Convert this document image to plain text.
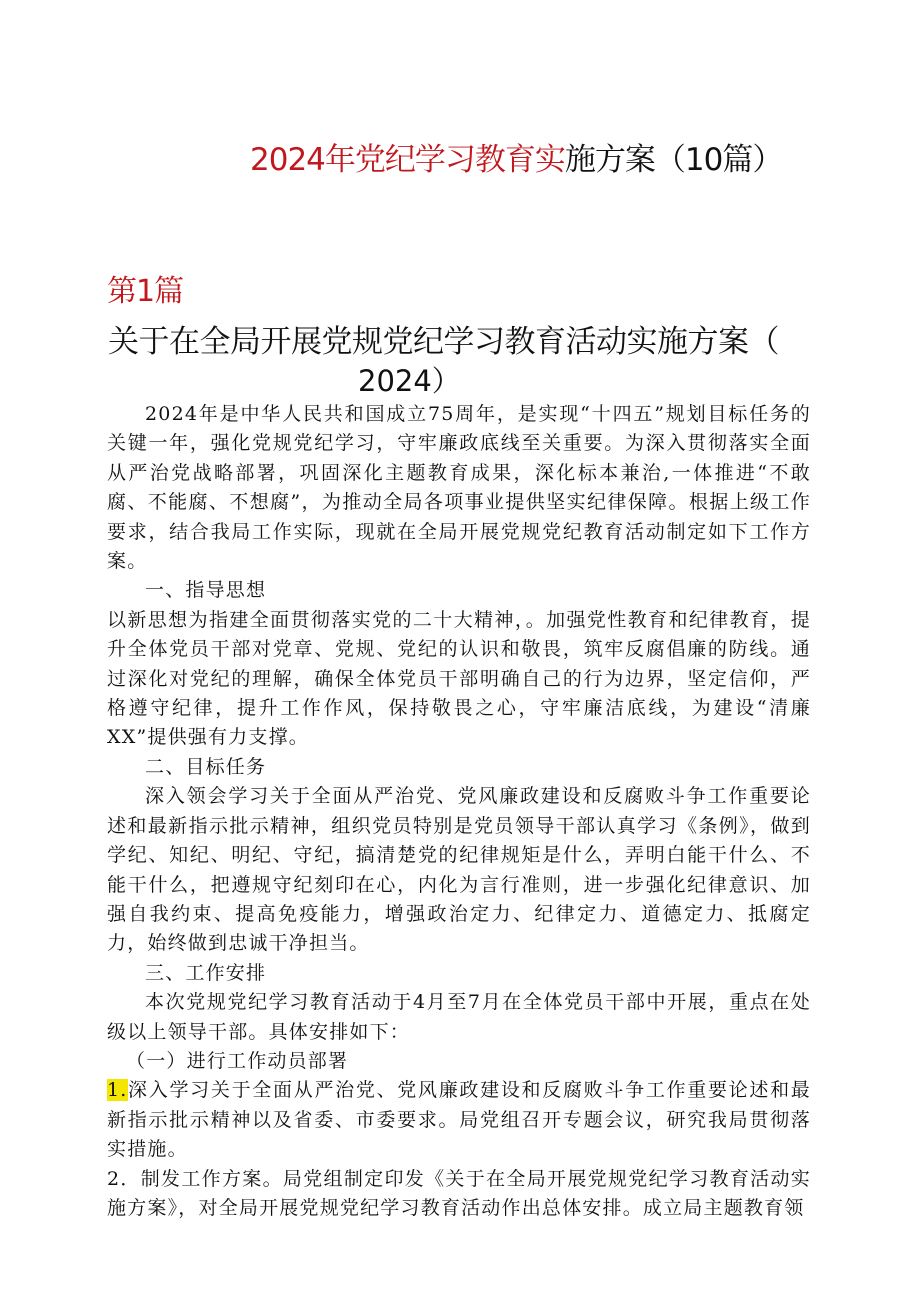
2024年党纪学习教育实施方案（10篇）
第1篇
关于在全局开展党规党纪学习教育活动实施方案（
2024）

2024年是中华人民共和国成立75周年，是实现“十四五”规划目标任务的关键一年，强化党规党纪学习，守牢廉政底线至关重要。为深入贯彻落实全面从严治党战略部署，巩固深化主题教育成果，深化标本兼治,一体推进“不敢腐、不能腐、不想腐”，为推动全局各项事业提供坚实纪律保障。根据上级工作要求，结合我局工作实际，现就在全局开展党规党纪教育活动制定如下工作方案。

一、指导思想

以新思想为指建全面贯彻落实党的二十大精神，。加强党性教育和纪律教育，提升全体党员干部对党章、党规、党纪的认识和敬畏，筑牢反腐倡廉的防线。通过深化对党纪的理解，确保全体党员干部明确自己的行为边界，坚定信仰，严格遵守纪律，提升工作作风，保持敬畏之心，守牢廉洁底线，为建设“清廉XX”提供强有力支撑。

二、目标任务

深入领会学习关于全面从严治党、党风廉政建设和反腐败斗争工作重要论述和最新指示批示精神，组织党员特别是党员领导干部认真学习《条例》，做到学纪、知纪、明纪、守纪，搞清楚党的纪律规矩是什么，弄明白能干什么、不能干什么，把遵规守纪刻印在心，内化为言行准则，进一步强化纪律意识、加强自我约束、提高免疫能力，增强政治定力、纪律定力、道德定力、抵腐定力，始终做到忠诚干净担当。

三、工作安排

本次党规党纪学习教育活动于4月至7月在全体党员干部中开展，重点在处级以上领导干部。具体安排如下：

（一）进行工作动员部署

1.深入学习关于全面从严治党、党风廉政建设和反腐败斗争工作重要论述和最新指示批示精神以及省委、市委要求。局党组召开专题会议，研究我局贯彻落实措施。

2．制发工作方案。局党组制定印发《关于在全局开展党规党纪学习教育活动实施方案》，对全局开展党规党纪学习教育活动作出总体安排。成立局主题教育领
